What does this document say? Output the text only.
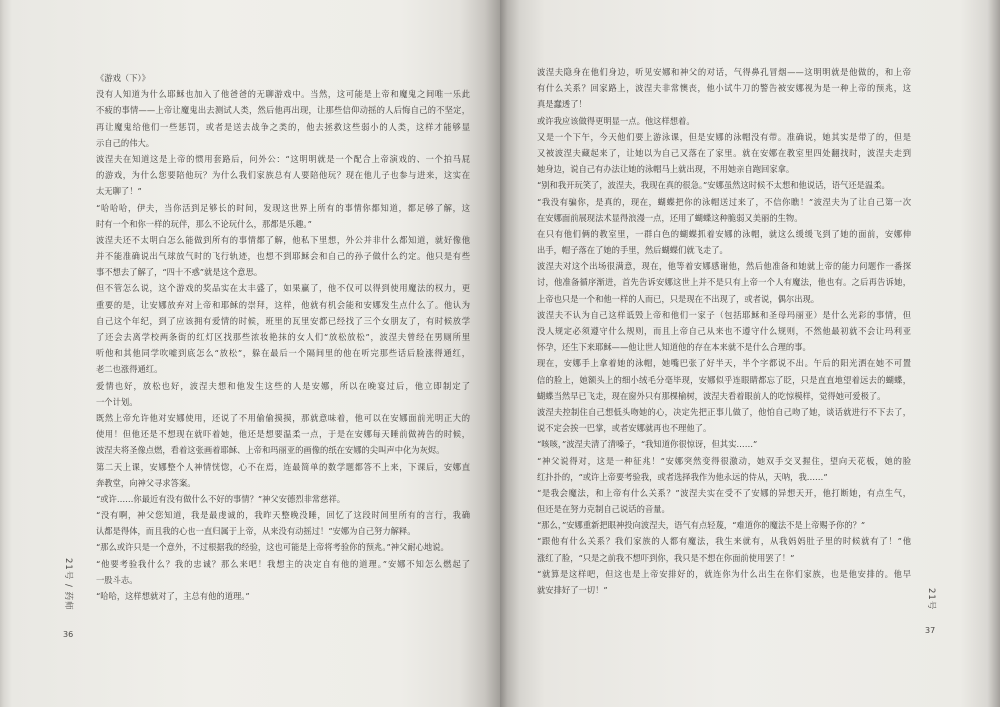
《游戏（下）》
没有人知道为什么耶稣也加入了他爸爸的无聊游戏中。当然，这可能是上帝和魔鬼之间唯一乐此
不疲的事情——上帝让魔鬼出去测试人类，然后他再出现，让那些信仰动摇的人后悔自己的不坚定，
再让魔鬼给他们一些惩罚，或者是送去战争之类的，他去拯救这些弱小的人类，这样才能够显
示自己的伟大。
波涅夫在知道这是上帝的惯用套路后，问外公：“这明明就是一个配合上帝演戏的、一个拍马屁
的游戏，为什么您要陪他玩？为什么我们家族总有人要陪他玩？现在他儿子也参与进来，这实在
太无聊了！”
“哈哈哈，伊夫，当你活到足够长的时间，发现这世界上所有的事情你都知道，都足够了解，这
时有一个和你一样的玩伴，那么不论玩什么，那都是乐趣。”
波涅夫还不太明白怎么能做到所有的事情都了解，他私下里想，外公并非什么都知道，就好像他
并不能准确说出气球放气时的飞行轨迹，也想不到耶稣会和自己的孙子做什么约定。他只是有些
事不想去了解了，“四十不惑”就是这个意思。
但不管怎么说，这个游戏的奖品实在太丰盛了，如果赢了，他不仅可以得到使用魔法的权力，更
重要的是，让安娜放弃对上帝和耶稣的崇拜，这样，他就有机会能和安娜发生点什么了。他认为
自己这个年纪，到了应该拥有爱情的时候，班里的瓦里安都已经找了三个女朋友了，有时候放学
了还会去离学校两条街的红灯区找那些浓妆艳抹的女人们“放松放松”，波涅夫曾经在男厕所里
听他和其他同学吹嘘到底怎么“放松”，躲在最后一个隔间里的他在听完那些话后脸涨得通红，
老二也涨得通红。
爱情也好，放松也好，波涅夫想和他发生这些的人是安娜，所以在晚宴过后，他立即制定了
一个计划。
既然上帝允许他对安娜使用，还说了不用偷偷摸摸，那就意味着，他可以在安娜面前光明正大的
使用！但他还是不想现在就吓着她，他还是想要温柔一点，于是在安娜每天睡前做祷告的时候，
波涅夫将圣像点燃，看着这张画着耶稣、上帝和玛丽亚的画像的纸在安娜的尖叫声中化为灰烬。
第二天上课，安娜整个人神情恍惚，心不在焉，连最简单的数学题都答不上来，下课后，安娜直
奔教堂，向神父寻求答案。
“或许……你最近有没有做什么不好的事情？”神父安德烈非常慈祥。
“没有啊，神父您知道，我是最虔诚的，我昨天整晚没睡，回忆了这段时间里所有的言行，我确
认都是得体，而且我的心也一直归属于上帝，从来没有动摇过！”安娜为自己努力解释。
“那么或许只是一个意外，不过根据我的经验，这也可能是上帝将考验你的预兆。”神父耐心地说。
“他要考验我什么？我的忠诚？那么来吧！我想主的决定自有他的道理。”安娜不知怎么燃起了
一股斗志。
“哈哈，这样想就对了，主总有他的道理。”
21号 / 药师
36
波涅夫隐身在他们身边，听见安娜和神父的对话，气得鼻孔冒烟——这明明就是他做的，和上帝
有什么关系？回家路上，波涅夫非常懊丧，他小试牛刀的警告被安娜视为是一种上帝的预兆，这
真是蠢透了！
或许我应该做得更明显一点。他这样想着。
又是一个下午，今天他们要上游泳课，但是安娜的泳帽没有带。准确说，她其实是带了的，但是
又被波涅夫藏起来了，让她以为自己又落在了家里。就在安娜在教室里四处翻找时，波涅夫走到
她身边，说自己有办法让她的泳帽马上就出现，不用她亲自跑回家拿。
“别和我开玩笑了，波涅夫，我现在真的很急。”安娜虽然这时候不太想和他说话，语气还是温柔。
“我没有骗你，是真的，现在，蝴蝶把你的泳帽送过来了，不信你瞧！”波涅夫为了让自己第一次
在安娜面前展现法术显得浪漫一点，还用了蝴蝶这种脆弱又美丽的生物。
在只有他们俩的教室里，一群白色的蝴蝶抓着安娜的泳帽，就这么缓缓飞到了她的面前，安娜伸
出手，帽子落在了她的手里，然后蝴蝶们就飞走了。
波涅夫对这个出场很满意，现在，他等着安娜感谢他，然后他准备和她就上帝的能力问题作一番探
讨，他准备循序渐进，首先告诉安娜这世上并不是只有上帝一个人有魔法，他也有。之后再告诉她，
上帝也只是一个和他一样的人而已，只是现在不出现了，或者说，偶尔出现。
波涅夫不认为自己这样诋毁上帝和他们一家子（包括耶稣和圣母玛丽亚）是什么光彩的事情，但
没人规定必须遵守什么规则，而且上帝自己从来也不遵守什么规则，不然他最初就不会让玛利亚
怀孕，还生下来耶稣——他让世人知道他的存在本来就不是什么合理的事。
现在，安娜手上拿着她的泳帽，她嘴巴张了好半天，半个字都说不出。午后的阳光洒在她不可置
信的脸上，她额头上的细小绒毛分毫毕现，安娜似乎连眼睛都忘了眨，只是直直地望着远去的蝴蝶，
蝴蝶当然早已飞走，现在窗外只有那棵榆树，波涅夫看着眼前人的吃惊模样，觉得她可爱极了。
波涅夫控制住自己想低头吻她的心，决定先把正事儿做了，他怕自己吻了她，谈话就进行不下去了，
说不定会挨一巴掌，或者安娜就再也不理他了。
“咳咳，”波涅夫清了清嗓子，“我知道你很惊讶，但其实……”
“神父说得对，这是一种征兆！”安娜突然变得很激动，她双手交叉握住，望向天花板，她的脸
红扑扑的，“或许上帝要考验我，或者选择我作为他永远的侍从，天呐，我……”
“是我会魔法，和上帝有什么关系？”波涅夫实在受不了安娜的异想天开，他打断她，有点生气，
但还是在努力克制自己说话的音量。
“那么，”安娜重新把眼神投向波涅夫，语气有点轻蔑，“难道你的魔法不是上帝赐予你的？”
“跟他有什么关系？我们家族的人都有魔法，我生来就有，从我妈妈肚子里的时候就有了！”他
涨红了脸，“只是之前我不想吓到你，我只是不想在你面前使用罢了！”
“就算是这样吧，但这也是上帝安排好的，就连你为什么出生在你们家族，也是他安排的。他早
就安排好了一切！”	21号
37
